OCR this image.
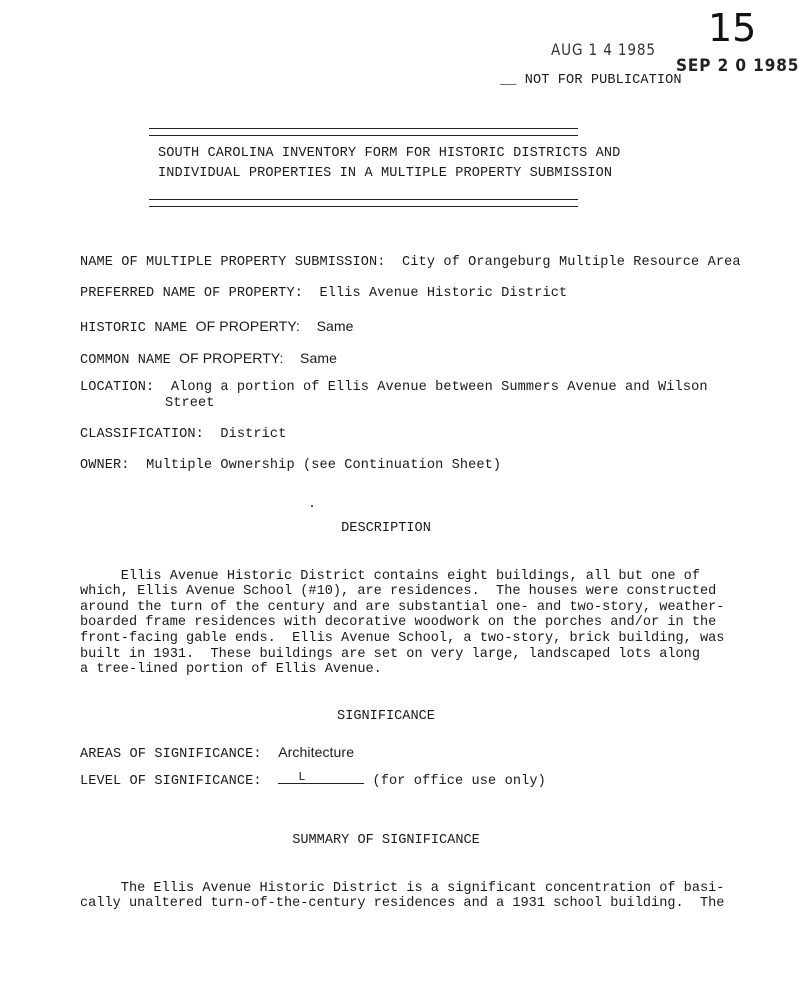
AUG 1 4 1985 15
SEP 2 0 1985
__ NOT FOR PUBLICATION
SOUTH CAROLINA INVENTORY FORM FOR HISTORIC DISTRICTS AND
INDIVIDUAL PROPERTIES IN A MULTIPLE PROPERTY SUBMISSION
NAME OF MULTIPLE PROPERTY SUBMISSION: City of Orangeburg Multiple Resource Area
PREFERRED NAME OF PROPERTY: Ellis Avenue Historic District
HISTORIC NAME OF PROPERTY: Same
COMMON NAME OF PROPERTY: Same
LOCATION: Along a portion of Ellis Avenue between Summers Avenue and Wilson
Street
CLASSIFICATION: District
OWNER: Multiple Ownership (see Continuation Sheet)
DESCRIPTION

Ellis Avenue Historic District contains eight buildings, all but one of
which, Ellis Avenue School (#10), are residences.  The houses were constructed
around the turn of the century and are substantial one- and two-story, weather-
boarded frame residences with decorative woodwork on the porches and/or in the
front-facing gable ends.  Ellis Avenue School, a two-story, brick building, was
built in 1931.  These buildings are set on very large, landscaped lots along
a tree-lined portion of Ellis Avenue.
SIGNIFICANCE
AREAS OF SIGNIFICANCE: Architecture
LEVEL OF SIGNIFICANCE:	L	(for office use only)
SUMMARY OF SIGNIFICANCE

The Ellis Avenue Historic District is a significant concentration of basi-
cally unaltered turn-of-the-century residences and a 1931 school building.  The
